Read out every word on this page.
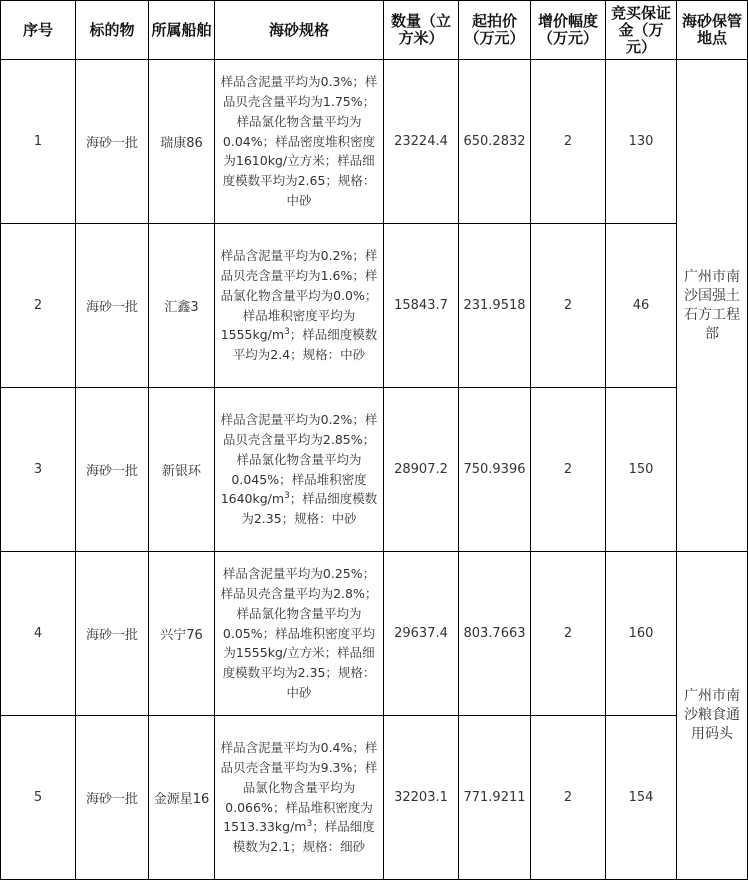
序号	标的物	所属船舶	海砂规格	数量（立方米）	起拍价（万元）	增价幅度（万元）	竞买保证金（万元）	海砂保管地点
1	海砂一批	瑞康86	样品含泥量平均为0.3%；样品贝壳含量平均为1.75%；样品氯化物含量平均为0.04%；样品密度堆积密度为1610kg/立方米；样品细度模数平均为2.65；规格：中砂	23224.4	650.2832	2	130	广州市南沙国强土石方工程部
2	海砂一批	汇鑫3	样品含泥量平均为0.2%；样品贝壳含量平均为1.6%；样品氯化物含量平均为0.0%；样品堆积密度平均为$1555kg/m^3$；样品细度模数平均为2.4；规格：中砂	15843.7	231.9518	2	46	
3	海砂一批	新银环	样品含泥量平均为0.2%；样品贝壳含量平均为2.85%；样品氯化物含量平均为0.045%；样品堆积密度$1640kg/m^3$；样品细度模数为2.35；规格：中砂	28907.2	750.9396	2	150	
4	海砂一批	兴宁76	样品含泥量平均为0.25%；样品贝壳含量平均为2.8%；样品氯化物含量平均为0.05%；样品堆积密度平均为1555kg/立方米；样品细度模数平均为2.35；规格：中砂	29637.4	803.7663	2	160	广州市南沙粮食通用码头
5	海砂一批	金源星16	样品含泥量平均为0.4%；样品贝壳含量平均为9.3%；样品氯化物含量平均为0.066%；样品堆积密度为$1513.33kg/m^3$；样品细度模数为2.1；规格：细砂	32203.1	771.9211	2	154	
